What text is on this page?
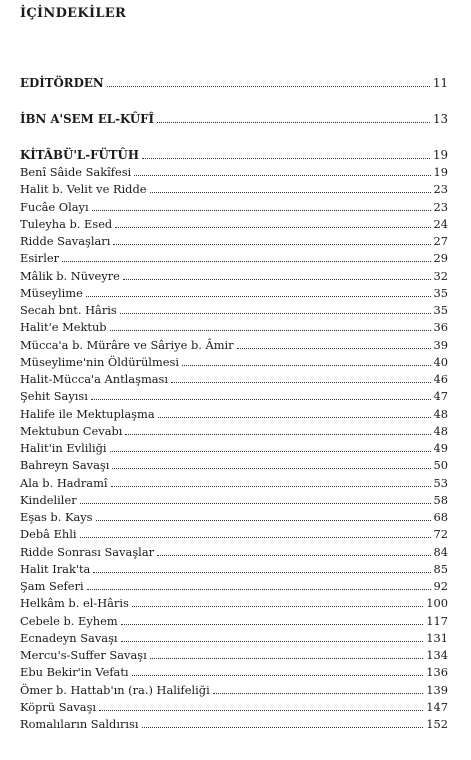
İÇİNDEKİLER
EDİTÖRDEN	11
İBN A'SEM EL-KÛFÎ	13
KİTÂBÜ'L-FÜTÛH	19
Benî Sâide Sakîfesi	19
Halit b. Velit ve Ridde	23
Fucâe Olayı	23
Tuleyha b. Esed	24
Ridde Savaşları	27
Esirler	29
Mâlik b. Nüveyre	32
Müseylime	35
Secah bnt. Hâris	35
Halit'e Mektub	36
Mücca'a b. Mürâre ve Sâriye b. Âmir	39
Müseylime'nin Öldürülmesi	40
Halit-Mücca'a Antlaşması	46
Şehit Sayısı	47
Halife ile Mektuplaşma	48
Mektubun Cevabı	48
Halit'in Evliliği	49
Bahreyn Savaşı	50
Ala b. Hadramî	53
Kindeliler	58
Eşas b. Kays	68
Debâ Ehli	72
Ridde Sonrası Savaşlar	84
Halit Irak'ta	85
Şam Seferi	92
Helkâm b. el-Hâris	100
Cebele b. Eyhem	117
Ecnadeyn Savaşı	131
Mercu's-Suffer Savaşı	134
Ebu Bekir'in Vefatı	136
Ömer b. Hattab'ın (ra.) Halifeliği	139
Köprü Savaşı	147
Romalıların Saldırısı	152
